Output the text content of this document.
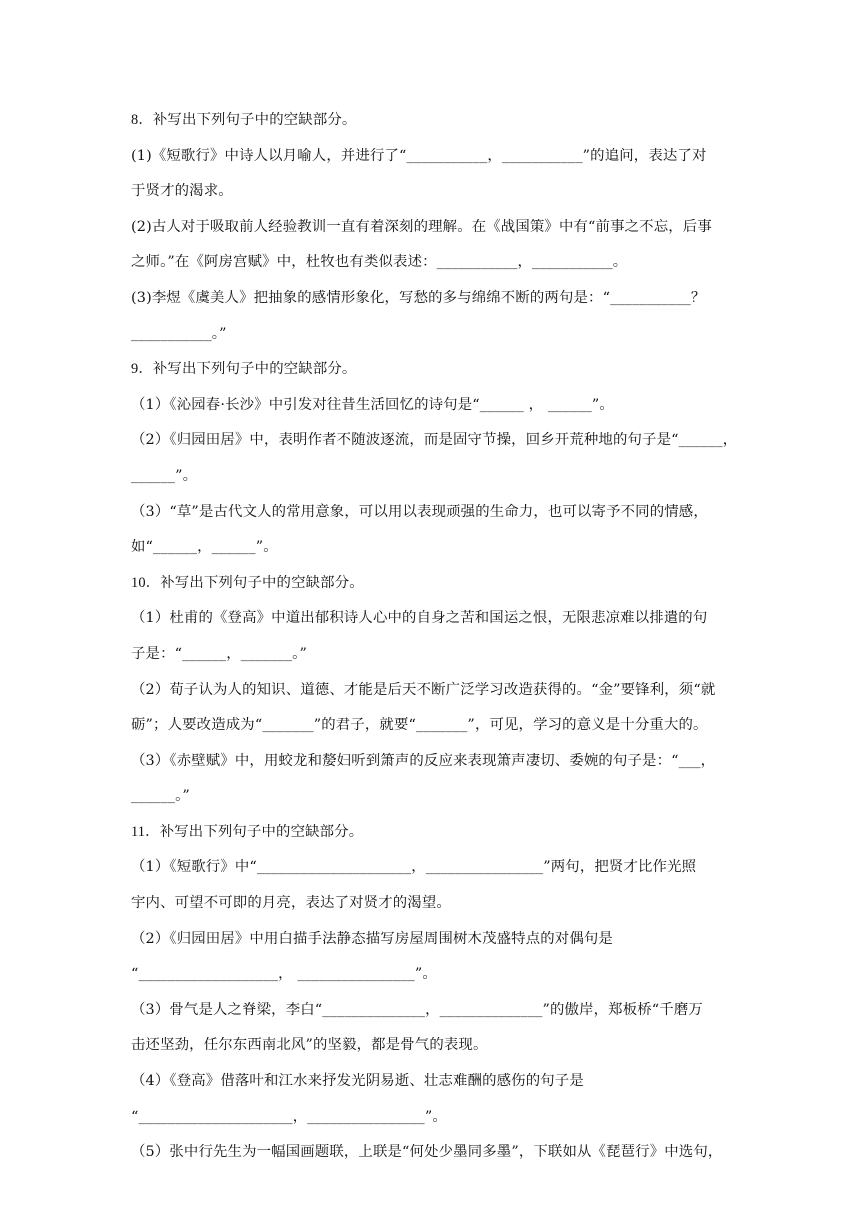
8．补写出下列句子中的空缺部分。
(1)《短歌行》中诗人以月喻人，并进行了“___________，___________”的追问，表达了对
于贤才的渴求。
(2)古人对于吸取前人经验教训一直有着深刻的理解。在《战国策》中有“前事之不忘，后事
之师。”在《阿房宫赋》中，杜牧也有类似表述：___________，___________。
(3)李煜《虞美人》把抽象的感情形象化，写愁的多与绵绵不断的两句是：“___________？
___________。”
9．补写出下列句子中的空缺部分。
（1）《沁园春·长沙》中引发对往昔生活回忆的诗句是“______ ， ______”。
（2）《归园田居》中，表明作者不随波逐流，而是固守节操，回乡开荒种地的句子是“______，
______”。
（3）“草”是古代文人的常用意象，可以用以表现顽强的生命力，也可以寄予不同的情感，
如“______，______”。
10．补写出下列句子中的空缺部分。
（1）杜甫的《登高》中道出郁积诗人心中的自身之苦和国运之恨，无限悲凉难以排遣的句
子是：“______，_______。”
（2）荀子认为人的知识、道德、才能是后天不断广泛学习改造获得的。“金”要锋利，须“就
砺”；人要改造成为“_______”的君子，就要“_______”，可见，学习的意义是十分重大的。
（3）《赤壁赋》中，用蛟龙和嫠妇听到箫声的反应来表现箫声凄切、委婉的句子是：“___，
______。”
11．补写出下列句子中的空缺部分。
（1）《短歌行》中“_____________________，________________”两句，把贤才比作光照
宇内、可望不可即的月亮，表达了对贤才的渴望。
（2）《归园田居》中用白描手法静态描写房屋周围树木茂盛特点的对偶句是
“___________________， ________________”。
（3）骨气是人之脊梁，李白“______________，______________”的傲岸，郑板桥“千磨万
击还坚劲，任尔东西南北风”的坚毅，都是骨气的表现。
（4）《登高》借落叶和江水来抒发光阴易逝、壮志难酬的感伤的句子是
“_____________________，________________”。
（5）张中行先生为一幅国画题联，上联是“何处少墨同多墨”，下联如从《琵琶行》中选句，
